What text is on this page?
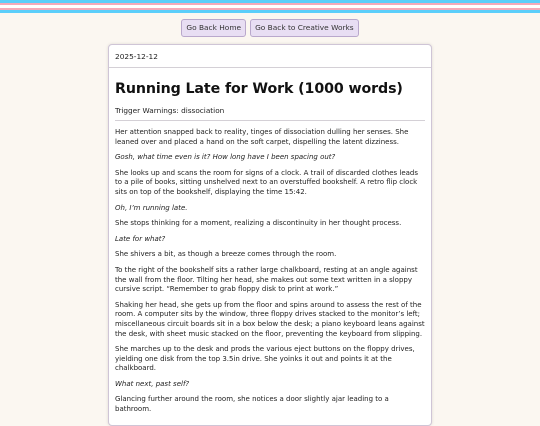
Go Back Home	Go Back to Creative Works
2025-12-12
Running Late for Work (1000 words)
Trigger Warnings: dissociation

Her attention snapped back to reality, tinges of dissociation dulling her senses. She leaned over and placed a hand on the soft carpet, dispelling the latent dizziness.

Gosh, what time even is it? How long have I been spacing out?

She looks up and scans the room for signs of a clock. A trail of discarded clothes leads to a pile of books, sitting unshelved next to an overstuffed bookshelf. A retro flip clock sits on top of the bookshelf, displaying the time 15:42.

Oh, I’m running late.

She stops thinking for a moment, realizing a discontinuity in her thought process.

Late for what?

She shivers a bit, as though a breeze comes through the room.

To the right of the bookshelf sits a rather large chalkboard, resting at an angle against the wall from the floor. Tilting her head, she makes out some text written in a sloppy cursive script. “Remember to grab floppy disk to print at work.”

Shaking her head, she gets up from the floor and spins around to assess the rest of the room. A computer sits by the window, three floppy drives stacked to the monitor’s left; miscellaneous circuit boards sit in a box below the desk; a piano keyboard leans against the desk, with sheet music stacked on the floor, preventing the keyboard from slipping.

She marches up to the desk and prods the various eject buttons on the floppy drives, yielding one disk from the top 3.5in drive. She yoinks it out and points it at the chalkboard.

What next, past self?

Glancing further around the room, she notices a door slightly ajar leading to a bathroom.
